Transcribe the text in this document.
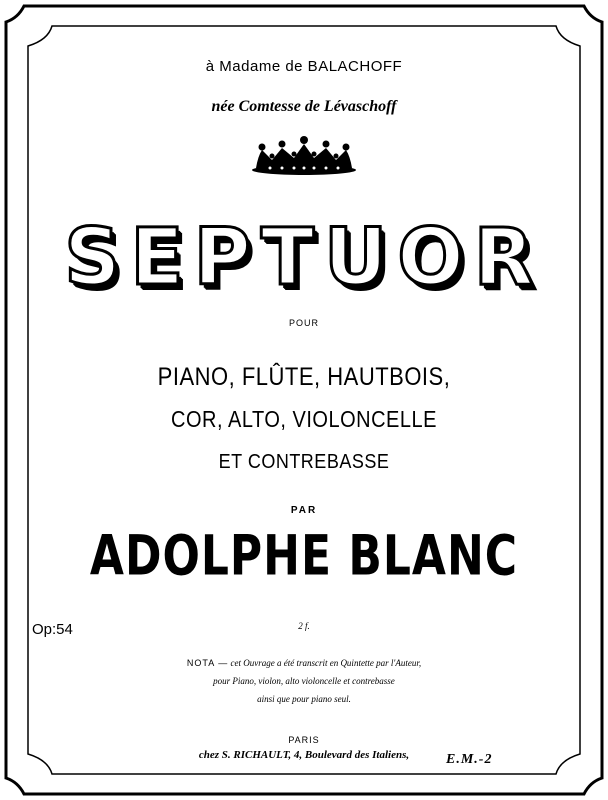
à Madame de BALACHOFF
née Comtesse de Lévaschoff
SEPTUOR
POUR
PIANO, FLÛTE, HAUTBOIS,
COR, ALTO, VIOLONCELLE
ET CONTREBASSE
PAR
ADOLPHE BLANC
Op:54	2 f.
NOTA — cet Ouvrage a été transcrit en Quintette par l'Auteur,
pour Piano, violon, alto violoncelle et contrebasse
ainsi que pour piano seul.
PARIS
chez S. RICHAULT, 4, Boulevard des Italiens,	E.M.-2
